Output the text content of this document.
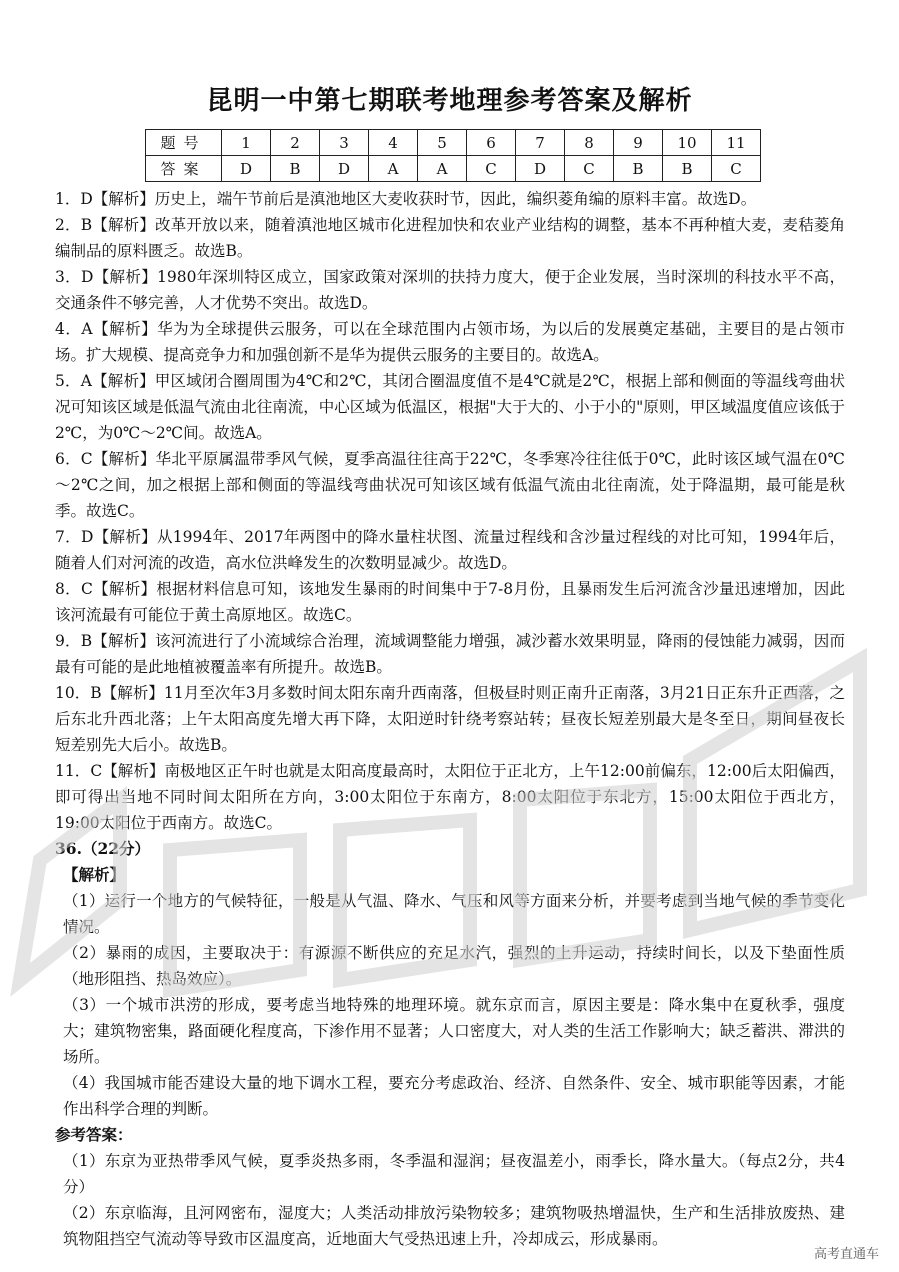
昆明一中第七期联考地理参考答案及解析
题号	1	2	3	4	5	6	7	8	9	10	11
答案	D	B	D	A	A	C	D	C	B	B	C
1．D【解析】历史上，端午节前后是滇池地区大麦收获时节，因此，编织菱角编的原料丰富。故选D。
2．B【解析】改革开放以来，随着滇池地区城市化进程加快和农业产业结构的调整，基本不再种植大麦，麦秸菱角编制品的原料匮乏。故选B。
3．D【解析】1980年深圳特区成立，国家政策对深圳的扶持力度大，便于企业发展，当时深圳的科技水平不高，交通条件不够完善，人才优势不突出。故选D。
4．A【解析】华为为全球提供云服务，可以在全球范围内占领市场，为以后的发展奠定基础，主要目的是占领市场。扩大规模、提高竞争力和加强创新不是华为提供云服务的主要目的。故选A。
5．A【解析】甲区域闭合圈周围为4℃和2℃，其闭合圈温度值不是4℃就是2℃，根据上部和侧面的等温线弯曲状况可知该区域是低温气流由北往南流，中心区域为低温区，根据"大于大的、小于小的"原则，甲区域温度值应该低于2℃，为0℃～2℃间。故选A。
6．C【解析】华北平原属温带季风气候，夏季高温往往高于22℃，冬季寒冷往往低于0℃，此时该区域气温在0℃～2℃之间，加之根据上部和侧面的等温线弯曲状况可知该区域有低温气流由北往南流，处于降温期，最可能是秋季。故选C。
7．D【解析】从1994年、2017年两图中的降水量柱状图、流量过程线和含沙量过程线的对比可知，1994年后，随着人们对河流的改造，高水位洪峰发生的次数明显减少。故选D。
8．C【解析】根据材料信息可知，该地发生暴雨的时间集中于7-8月份，且暴雨发生后河流含沙量迅速增加，因此该河流最有可能位于黄土高原地区。故选C。
9．B【解析】该河流进行了小流域综合治理，流域调整能力增强，减沙蓄水效果明显，降雨的侵蚀能力减弱，因而最有可能的是此地植被覆盖率有所提升。故选B。
10．B【解析】11月至次年3月多数时间太阳东南升西南落，但极昼时则正南升正南落，3月21日正东升正西落，之后东北升西北落；上午太阳高度先增大再下降，太阳逆时针绕考察站转；昼夜长短差别最大是冬至日，期间昼夜长短差别先大后小。故选B。
11．C【解析】南极地区正午时也就是太阳高度最高时，太阳位于正北方，上午12:00前偏东，12:00后太阳偏西，即可得出当地不同时间太阳所在方向，3:00太阳位于东南方，8:00太阳位于东北方，15:00太阳位于西北方，19:00太阳位于西南方。故选C。
36.（22分）
【解析】
（1）运行一个地方的气候特征，一般是从气温、降水、气压和风等方面来分析，并要考虑到当地气候的季节变化情况。
（2）暴雨的成因，主要取决于：有源源不断供应的充足水汽，强烈的上升运动，持续时间长，以及下垫面性质（地形阻挡、热岛效应）。
（3）一个城市洪涝的形成，要考虑当地特殊的地理环境。就东京而言，原因主要是：降水集中在夏秋季，强度大；建筑物密集，路面硬化程度高，下渗作用不显著；人口密度大，对人类的生活工作影响大；缺乏蓄洪、滞洪的场所。
（4）我国城市能否建设大量的地下调水工程，要充分考虑政治、经济、自然条件、安全、城市职能等因素，才能作出科学合理的判断。
参考答案：
（1）东京为亚热带季风气候，夏季炎热多雨，冬季温和湿润；昼夜温差小，雨季长，降水量大。（每点2分，共4分）
（2）东京临海，且河网密布，湿度大；人类活动排放污染物较多；建筑物吸热增温快，生产和生活排放废热、建筑物阻挡空气流动等导致市区温度高，近地面大气受热迅速上升，冷却成云，形成暴雨。
高考直通车
